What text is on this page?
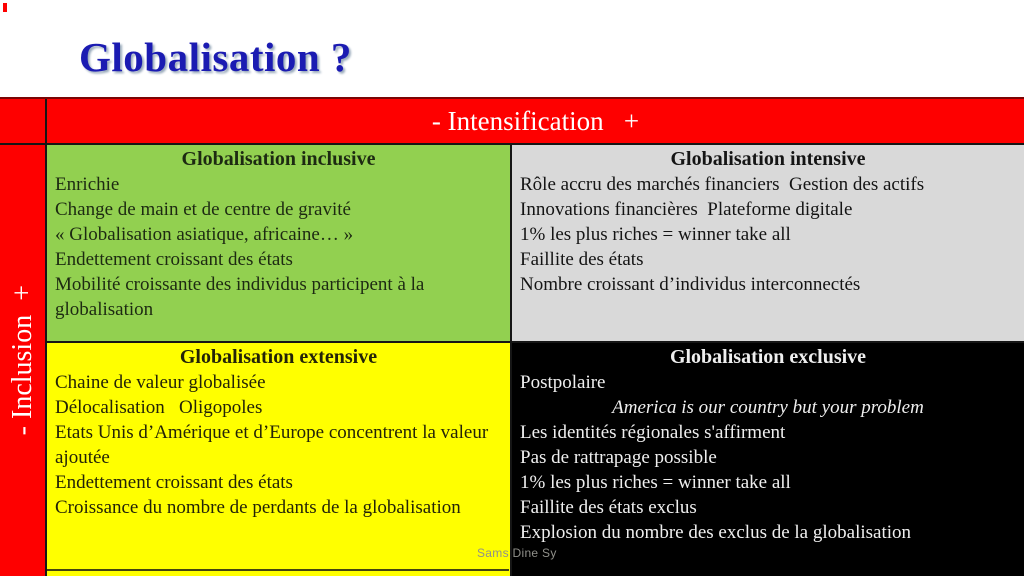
Globalisation ?
- Intensification   +
- Inclusion  +
Globalisation inclusive

Enrichie

Change de main et de centre de gravité

« Globalisation asiatique, africaine… »

Endettement croissant des états

Mobilité croissante des individus participent à la globalisation

Globalisation intensive

Rôle accru des marchés financiers  Gestion des actifs

Innovations financières  Plateforme digitale

1% les plus riches = winner take all

Faillite des états

Nombre croissant d’individus interconnectés

Globalisation extensive

Chaine de valeur globalisée

Délocalisation   Oligopoles

Etats Unis d’Amérique et d’Europe concentrent la valeur ajoutée

Endettement croissant des états

Croissance du nombre de perdants de la globalisation

Globalisation exclusive

Postpolaire

America is our country but your problem

Les identités régionales s'affirment

Pas de rattrapage possible

1% les plus riches = winner take all

Faillite des états exclus

Explosion du nombre des exclus de la globalisation

Sams Dine Sy
